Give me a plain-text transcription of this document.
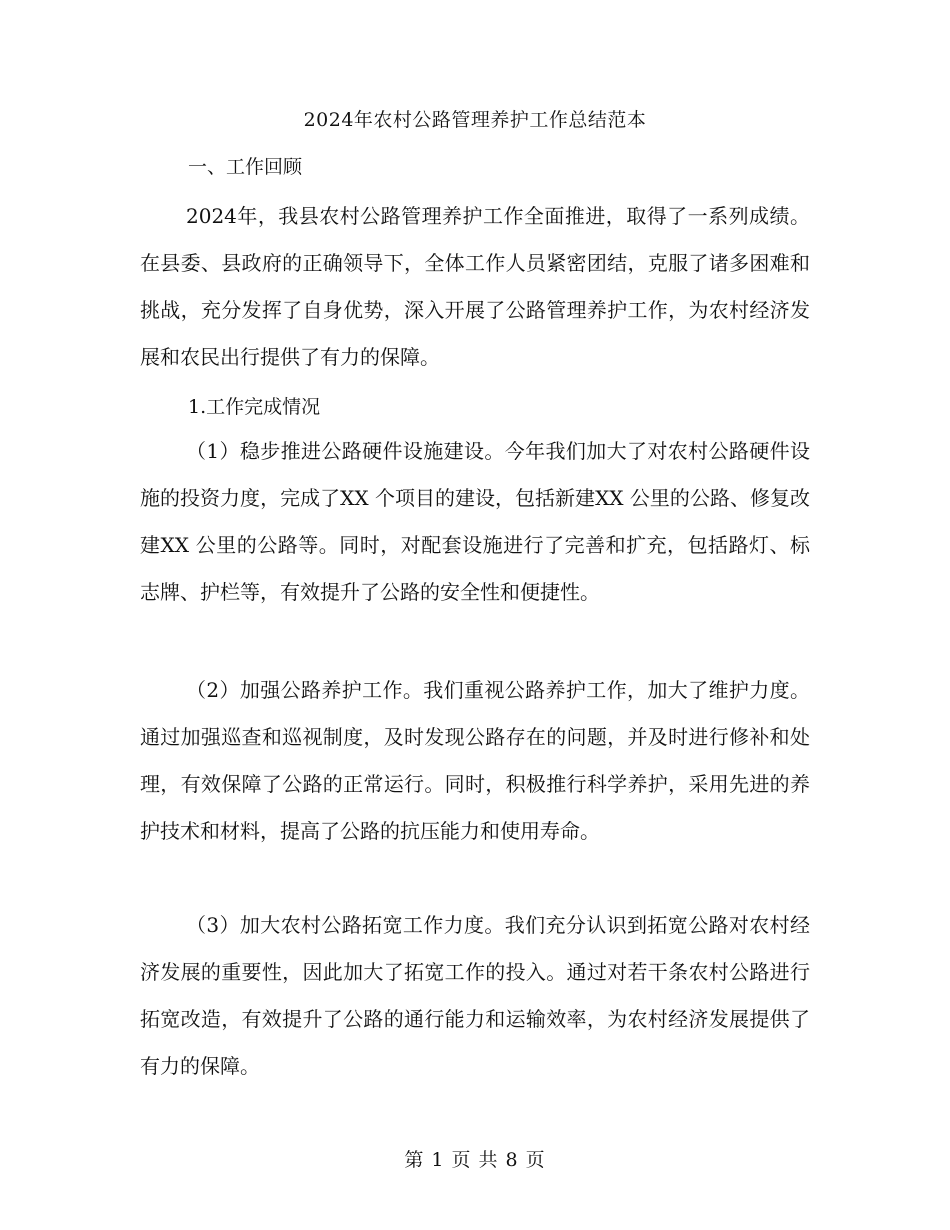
2024年农村公路管理养护工作总结范本
一、工作回顾

2024年，我县农村公路管理养护工作全面推进，取得了一系列成绩。在县委、县政府的正确领导下，全体工作人员紧密团结，克服了诸多困难和挑战，充分发挥了自身优势，深入开展了公路管理养护工作，为农村经济发展和农民出行提供了有力的保障。

1.工作完成情况

（1）稳步推进公路硬件设施建设。今年我们加大了对农村公路硬件设施的投资力度，完成了XX 个项目的建设，包括新建XX 公里的公路、修复改建XX 公里的公路等。同时，对配套设施进行了完善和扩充，包括路灯、标志牌、护栏等，有效提升了公路的安全性和便捷性。

（2）加强公路养护工作。我们重视公路养护工作，加大了维护力度。通过加强巡查和巡视制度，及时发现公路存在的问题，并及时进行修补和处理，有效保障了公路的正常运行。同时，积极推行科学养护，采用先进的养护技术和材料，提高了公路的抗压能力和使用寿命。

（3）加大农村公路拓宽工作力度。我们充分认识到拓宽公路对农村经济发展的重要性，因此加大了拓宽工作的投入。通过对若干条农村公路进行拓宽改造，有效提升了公路的通行能力和运输效率，为农村经济发展提供了有力的保障。

第 1 页 共 8 页
